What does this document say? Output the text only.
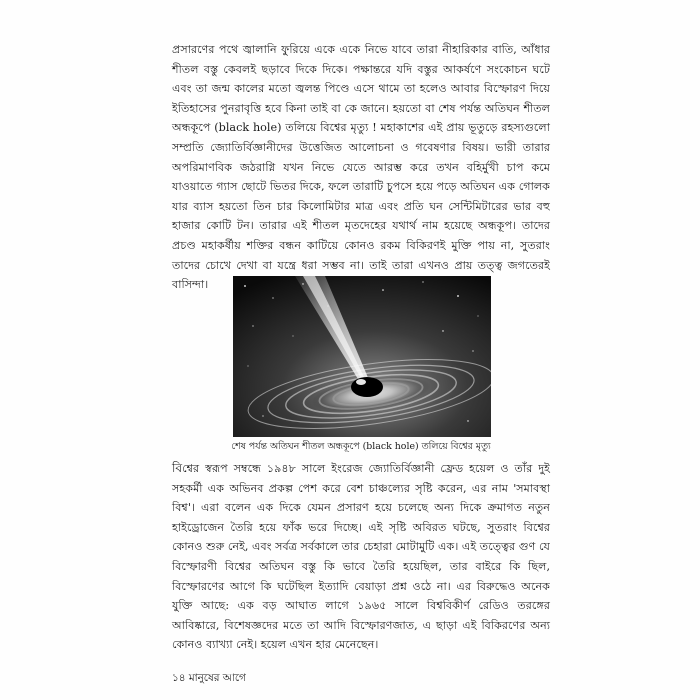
প্রসারণের পথে জ্বালানি ফুরিয়ে একে একে নিভে যাবে তারা নীহারিকার বাতি, আঁধার শীতল বস্তু কেবলই ছড়াবে দিকে দিকে। পক্ষান্তরে যদি বস্তুর আকর্ষণে সংকোচন ঘটে এবং তা জন্ম কালের মতো জ্বলন্ত পিণ্ডে এসে থামে তা হলেও আবার বিস্ফোরণ দিয়ে ইতিহাসের পুনরাবৃত্তি হবে কিনা তাই বা কে জানে। হয়তো বা শেষ পর্যন্ত অতিঘন শীতল অন্ধকূপে (black hole) তলিয়ে বিশ্বের মৃত্যু ! মহাকাশের এই প্রায় ভূতুড়ে রহস্যগুলো সম্প্রতি জ্যোতির্বিজ্ঞানীদের উত্তেজিত আলোচনা ও গবেষণার বিষয়। ভারী তারার অপরিমাণবিক জঠরাগ্নি যখন নিভে যেতে আরম্ভ করে তখন বহির্মুখী চাপ কমে যাওয়াতে গ্যাস ছোটে ভিতর দিকে, ফলে তারাটি চুপসে হয়ে পড়ে অতিঘন এক গোলক যার ব্যাস হয়তো তিন চার কিলোমিটার মাত্র এবং প্রতি ঘন সেন্টিমিটারের ভার বহু হাজার কোটি টন। তারার এই শীতল মৃতদেহের যথার্থ নাম হয়েছে অন্ধকূপ। তাদের প্রচণ্ড মহাকর্ষীয় শক্তির বন্ধন কাটিয়ে কোনও রকম বিকিরণই মুক্তি পায় না, সুতরাং তাদের চোখে দেখা বা যন্ত্রে ধরা সম্ভব না। তাই তারা এখনও প্রায় তত্ত্ব জগতেরই বাসিন্দা।

শেষ পর্যন্ত অতিঘন শীতল অন্ধকূপে (black hole) তলিয়ে বিশ্বের মৃত্যু

বিশ্বের স্বরূপ সম্বন্ধে ১৯৪৮ সালে ইংরেজ জ্যোতির্বিজ্ঞানী ফ্রেড হয়েল ও তাঁর দুই সহকর্মী এক অভিনব প্রকল্প পেশ করে বেশ চাঞ্চল্যের সৃষ্টি করেন, এর নাম 'সমাবস্থা বিশ্ব'। এরা বলেন এক দিকে যেমন প্রসারণ হয়ে চলেছে অন্য দিকে ক্রমাগত নতুন হাইড্রোজেন তৈরি হয়ে ফাঁক ভরে দিচ্ছে। এই সৃষ্টি অবিরত ঘটছে, সুতরাং বিশ্বের কোনও শুরু নেই, এবং সর্বত্র সর্বকালে তার চেহারা মোটামুটি এক। এই তত্ত্বের গুণ যে বিস্ফোরণী বিশ্বের অতিঘন বস্তু কি ভাবে তৈরি হয়েছিল, তার বাইরে কি ছিল, বিস্ফোরণের আগে কি ঘটেছিল ইত্যাদি বেয়াড়া প্রশ্ন ওঠে না। এর বিরুদ্ধেও অনেক যুক্তি আছে: এক বড় আঘাত লাগে ১৯৬৫ সালে বিশ্ববিকীর্ণ রেডিও তরঙ্গের আবিষ্কারে, বিশেষজ্ঞদের মতে তা আদি বিস্ফোরণজাত, এ ছাড়া এই বিকিরণের অন্য কোনও ব্যাখ্যা নেই। হয়েল এখন হার মেনেছেন।

১৪ মানুষের আগে
